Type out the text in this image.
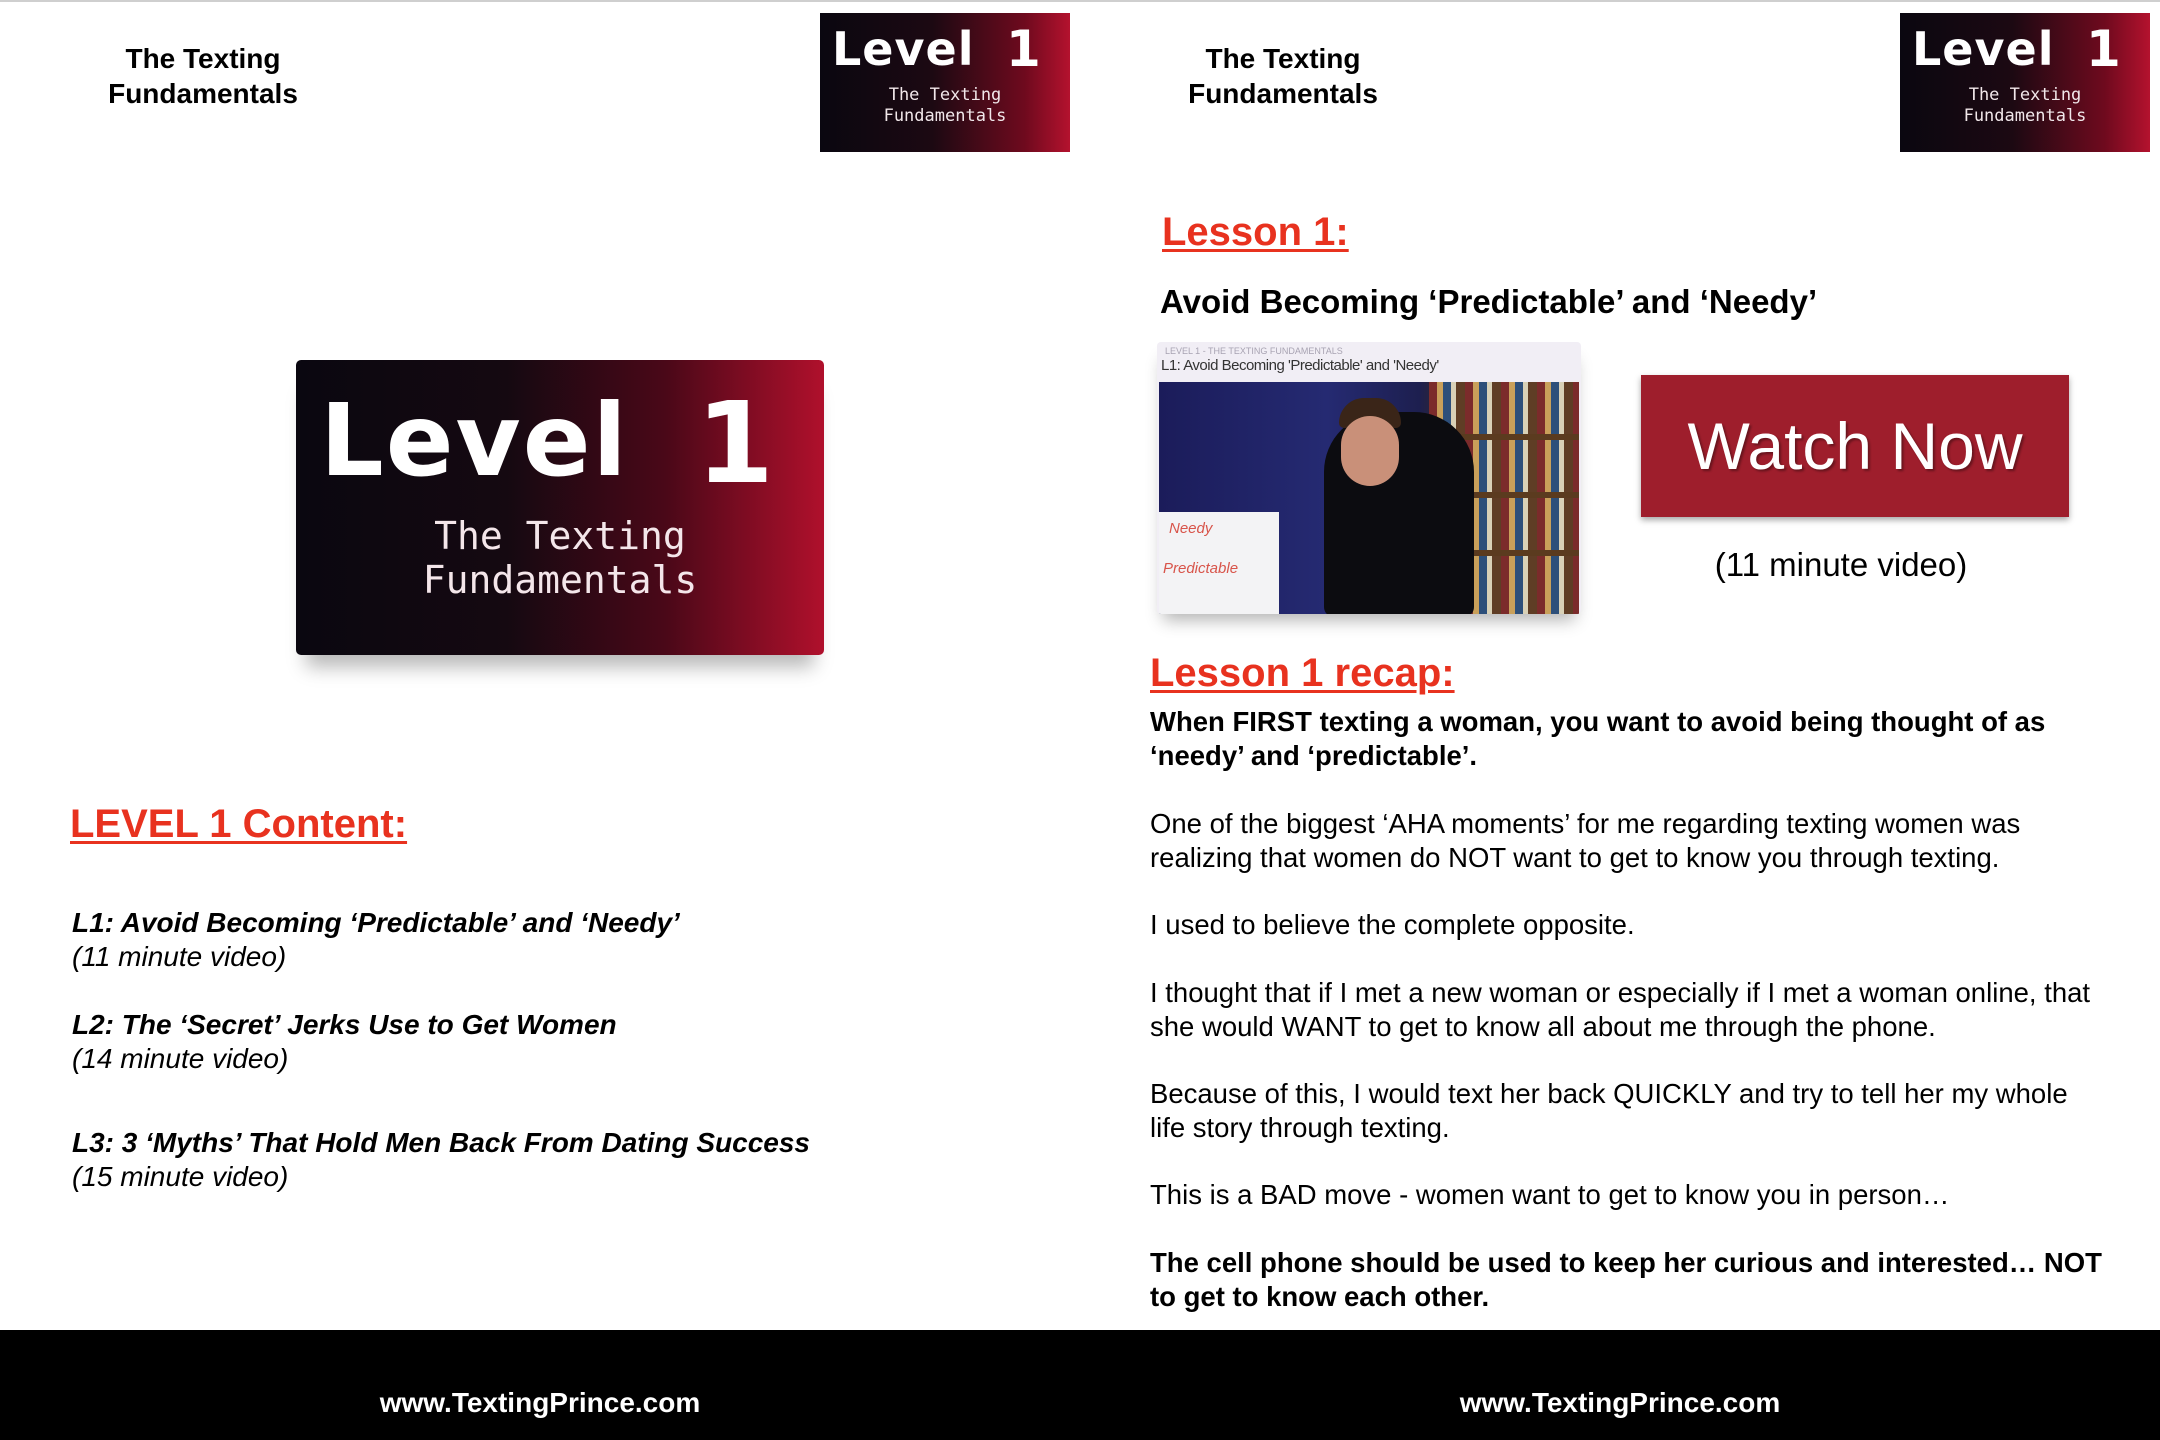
The Texting
Fundamentals
Level 1
The Texting
Fundamentals
Level 1
The Texting
Fundamentals
LEVEL 1 Content:
L1: Avoid Becoming ‘Predictable’ and ‘Needy’
(11 minute video)
L2: The ‘Secret’ Jerks Use to Get Women
(14 minute video)
L3: 3 ‘Myths’ That Hold Men Back From Dating Success
(15 minute video)
The Texting
Fundamentals
Level 1
The Texting
Fundamentals
Lesson 1:
Avoid Becoming ‘Predictable’ and ‘Needy’
LEVEL 1 - THE TEXTING FUNDAMENTALS
L1: Avoid Becoming 'Predictable' and 'Needy'
Needy
Predictable
Watch Now
(11 minute video)
Lesson 1 recap:
When FIRST texting a woman, you want to avoid being thought of as ‘needy’ and ‘predictable’.
One of the biggest ‘AHA moments’ for me regarding texting women was realizing that women do NOT want to get to know you through texting.
I used to believe the complete opposite.
I thought that if I met a new woman or especially if I met a woman online, that she would WANT to get to know all about me through the phone.
Because of this, I would text her back QUICKLY and try to tell her my whole life story through texting.
This is a BAD move - women want to get to know you in person…
The cell phone should be used to keep her curious and interested… NOT to get to know each other.
www.TextingPrince.com	www.TextingPrince.com
